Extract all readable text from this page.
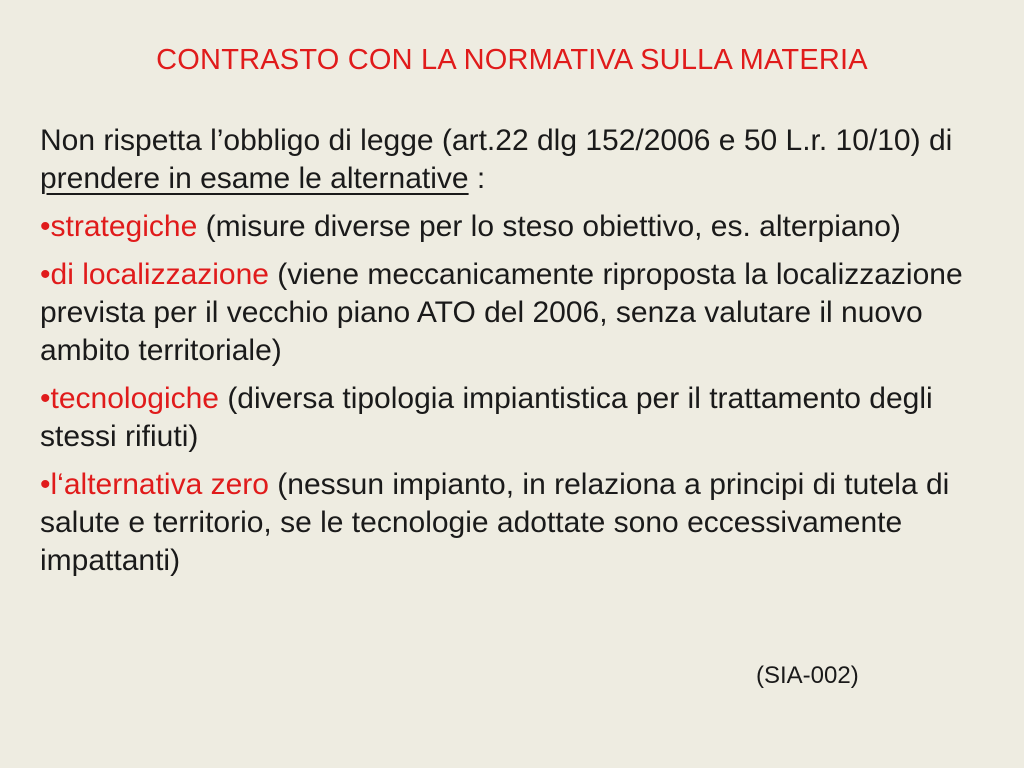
CONTRASTO CON LA NORMATIVA SULLA MATERIA

Non rispetta l’obbligo di legge (art.22 dlg 152/2006 e 50 L.r. 10/10) di prendere in esame le alternative :

•strategiche (misure diverse per lo steso obiettivo, es. alterpiano)

•di localizzazione (viene meccanicamente riproposta la localizzazione prevista per il vecchio piano ATO del 2006, senza valutare il nuovo ambito territoriale)

•tecnologiche (diversa tipologia impiantistica per il trattamento degli stessi rifiuti)

•l‘alternativa zero (nessun impianto, in relaziona a principi di tutela di salute e territorio, se le tecnologie adottate sono eccessivamente impattanti)

(SIA-002)
